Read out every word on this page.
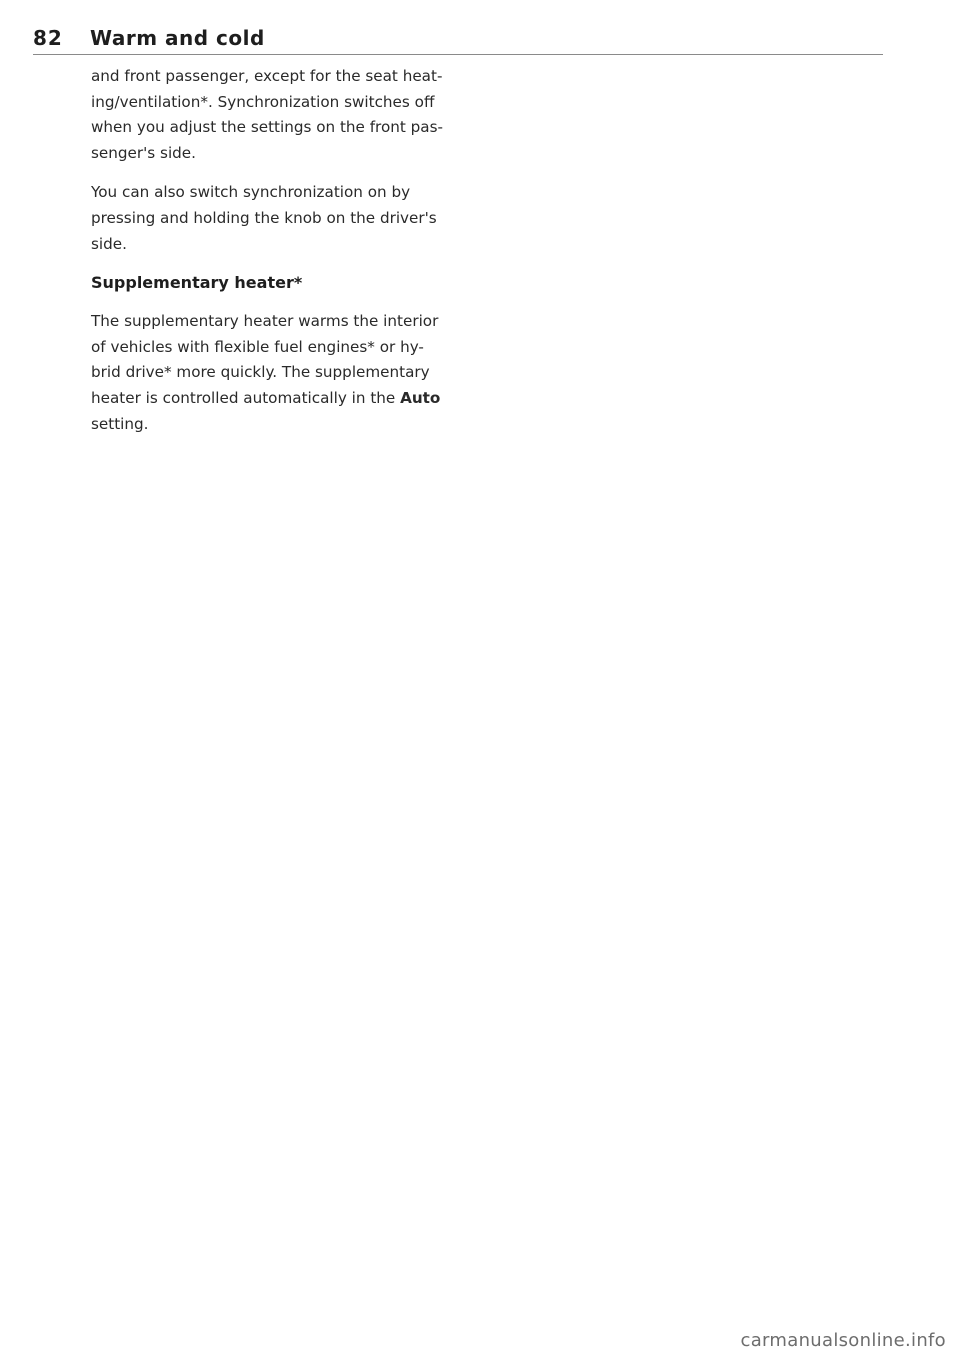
82 Warm and cold

and front passenger, except for the seat heat-
ing/ventilation*. Synchronization switches off
when you adjust the settings on the front pas-
senger's side.

You can also switch synchronization on by
pressing and holding the knob on the driver's
side.

Supplementary heater*

The supplementary heater warms the interior
of vehicles with flexible fuel engines* or hy-
brid drive* more quickly. The supplementary
heater is controlled automatically in the Auto
setting.

carmanualsonline.info
